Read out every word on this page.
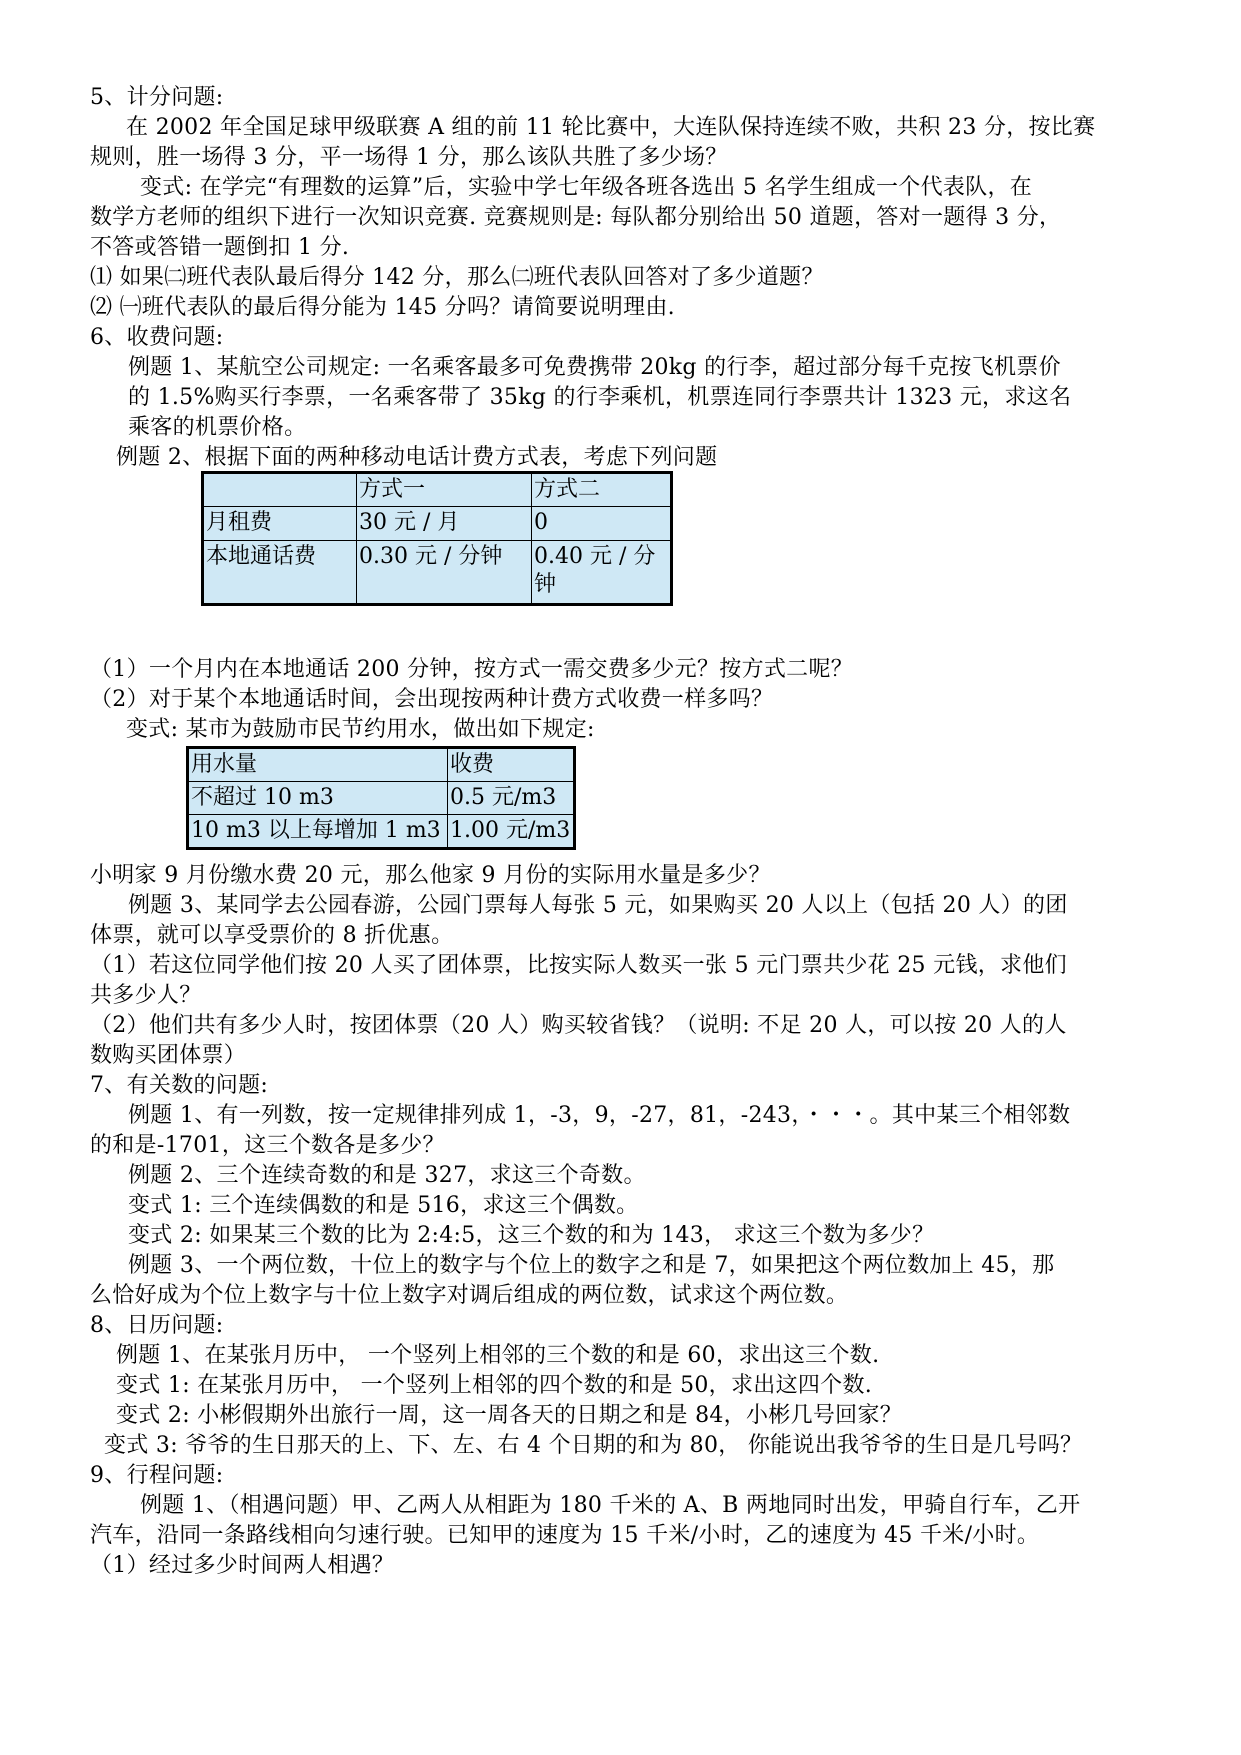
5、计分问题:
在 2002 年全国足球甲级联赛 A 组的前 11 轮比赛中，大连队保持连续不败，共积 23 分，按比赛
规则，胜一场得 3 分，平一场得 1 分，那么该队共胜了多少场？
变式: 在学完“有理数的运算”后，实验中学七年级各班各选出 5 名学生组成一个代表队，在
数学方老师的组织下进行一次知识竞赛. 竞赛规则是: 每队都分别给出 50 道题，答对一题得 3 分，
不答或答错一题倒扣 1 分.
⑴ 如果㈡班代表队最后得分 142 分，那么㈡班代表队回答对了多少道题？
⑵ ㈠班代表队的最后得分能为 145 分吗？请简要说明理由.
6、收费问题:
例题 1、某航空公司规定: 一名乘客最多可免费携带 20kg 的行李，超过部分每千克按飞机票价
的 1.5%购买行李票，一名乘客带了 35kg 的行李乘机，机票连同行李票共计 1323 元，求这名
乘客的机票价格。
例题 2、根据下面的两种移动电话计费方式表，考虑下列问题
	方式一	方式二
月租费	30 元 / 月	0
本地通话费	0.30 元 / 分钟	0.40 元 / 分
钟
（1）一个月内在本地通话 200 分钟，按方式一需交费多少元？按方式二呢？
（2）对于某个本地通话时间，会出现按两种计费方式收费一样多吗？
变式: 某市为鼓励市民节约用水，做出如下规定:
用水量	收费
不超过 10 m3	0.5 元/m3
10 m3 以上每增加 1 m3	1.00 元/m3
小明家 9 月份缴水费 20 元，那么他家 9 月份的实际用水量是多少？
例题 3、某同学去公园春游，公园门票每人每张 5 元，如果购买 20 人以上（包括 20 人）的团
体票，就可以享受票价的 8 折优惠。
（1）若这位同学他们按 20 人买了团体票，比按实际人数买一张 5 元门票共少花 25 元钱，求他们
共多少人？
（2）他们共有多少人时，按团体票（20 人）购买较省钱？（说明: 不足 20 人，可以按 20 人的人
数购买团体票）
7、有关数的问题:
例题 1、有一列数，按一定规律排列成 1，-3，9，-27，81，-243，・・・。其中某三个相邻数
的和是-1701，这三个数各是多少？
例题 2、三个连续奇数的和是 327，求这三个奇数。
变式 1: 三个连续偶数的和是 516，求这三个偶数。
变式 2: 如果某三个数的比为 2:4:5，这三个数的和为 143， 求这三个数为多少？
例题 3、一个两位数，十位上的数字与个位上的数字之和是 7，如果把这个两位数加上 45，那
么恰好成为个位上数字与十位上数字对调后组成的两位数，试求这个两位数。
8、日历问题:
例题 1、在某张月历中， 一个竖列上相邻的三个数的和是 60，求出这三个数.
变式 1: 在某张月历中， 一个竖列上相邻的四个数的和是 50，求出这四个数.
变式 2: 小彬假期外出旅行一周，这一周各天的日期之和是 84，小彬几号回家？
变式 3: 爷爷的生日那天的上、下、左、右 4 个日期的和为 80， 你能说出我爷爷的生日是几号吗？
9、行程问题:
例题 1、（相遇问题）甲、乙两人从相距为 180 千米的 A、B 两地同时出发，甲骑自行车，乙开
汽车，沿同一条路线相向匀速行驶。已知甲的速度为 15 千米/小时，乙的速度为 45 千米/小时。
（1）经过多少时间两人相遇？
